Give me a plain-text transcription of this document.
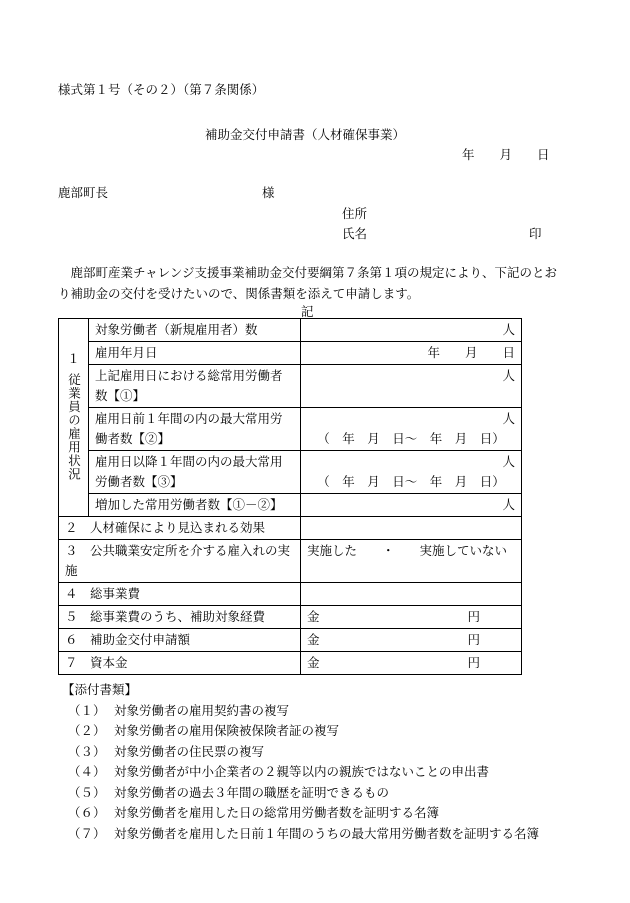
様式第１号（その２）（第７条関係）
補助金交付申請書（人材確保事業）
年　　月　　日
鹿部町長	様
住所
氏名	印
鹿部町産業チャレンジ支援事業補助金交付要綱第７条第１項の規定により、下記のとおり補助金の交付を受けたいので、関係書類を添えて申請します。
記
１
従業員の雇用状況	対象労働者（新規雇用者）数	人
	雇用年月日	年　　月　　日
	上記雇用日における総常用労働者数【①】	人
	雇用日前１年間の内の最大常用労働者数【②】	人
（　年　月　日～　年　月　日）

	雇用日以降１年間の内の最大常用労働者数【③】	人
（　年　月　日～　年　月　日）

	増加した常用労働者数【①－②】	人
２　人材確保により見込まれる効果		
３　公共職業安定所を介する雇入れの実施		実施した　　・　　実施していない
４　総事業費		
５　総事業費のうち、補助対象経費		金 円

６　補助金交付申請額		金 円

７　資本金		金 円
【添付書類】
（１） 対象労働者の雇用契約書の複写
（２） 対象労働者の雇用保険被保険者証の複写
（３） 対象労働者の住民票の複写
（４） 対象労働者が中小企業者の２親等以内の親族ではないことの申出書
（５） 対象労働者の過去３年間の職歴を証明できるもの
（６） 対象労働者を雇用した日の総常用労働者数を証明する名簿
（７） 対象労働者を雇用した日前１年間のうちの最大常用労働者数を証明する名簿
